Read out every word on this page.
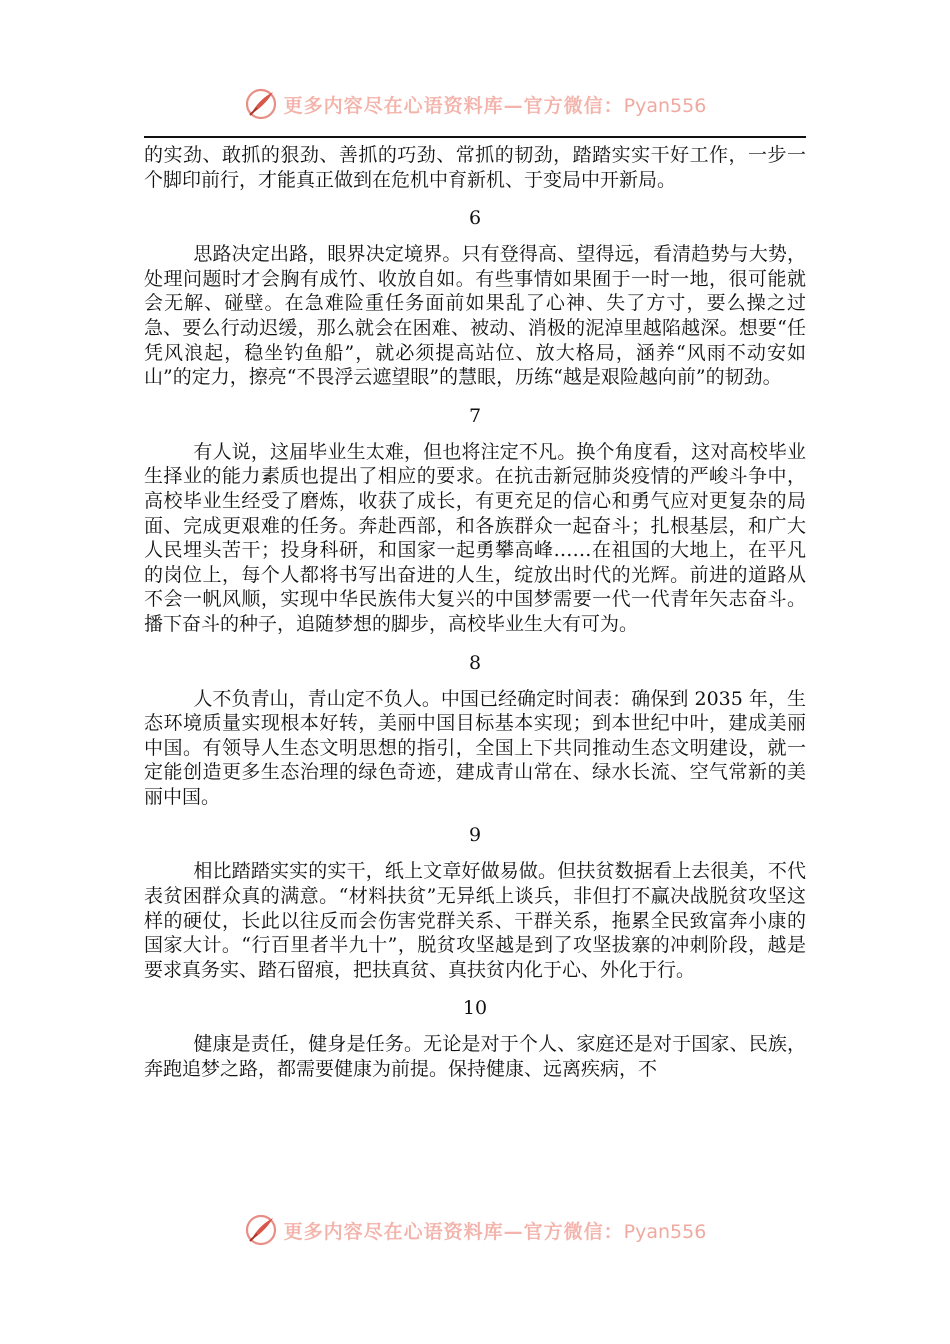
更多内容尽在心语资料库—官方微信：Pyan556

的实劲、敢抓的狠劲、善抓的巧劲、常抓的韧劲，踏踏实实干好工作，一步一个脚印前行，才能真正做到在危机中育新机、于变局中开新局。

6

思路决定出路，眼界决定境界。只有登得高、望得远，看清趋势与大势，处理问题时才会胸有成竹、收放自如。有些事情如果囿于一时一地，很可能就会无解、碰壁。在急难险重任务面前如果乱了心神、失了方寸，要么操之过急、要么行动迟缓，那么就会在困难、被动、消极的泥淖里越陷越深。想要“任凭风浪起，稳坐钓鱼船”，就必须提高站位、放大格局，涵养“风雨不动安如山”的定力，擦亮“不畏浮云遮望眼”的慧眼，历练“越是艰险越向前”的韧劲。

7

有人说，这届毕业生太难，但也将注定不凡。换个角度看，这对高校毕业生择业的能力素质也提出了相应的要求。在抗击新冠肺炎疫情的严峻斗争中，高校毕业生经受了磨炼，收获了成长，有更充足的信心和勇气应对更复杂的局面、完成更艰难的任务。奔赴西部，和各族群众一起奋斗；扎根基层，和广大人民埋头苦干；投身科研，和国家一起勇攀高峰……在祖国的大地上，在平凡的岗位上，每个人都将书写出奋进的人生，绽放出时代的光辉。前进的道路从不会一帆风顺，实现中华民族伟大复兴的中国梦需要一代一代青年矢志奋斗。播下奋斗的种子，追随梦想的脚步，高校毕业生大有可为。

8

人不负青山，青山定不负人。中国已经确定时间表：确保到 2035 年，生态环境质量实现根本好转，美丽中国目标基本实现；到本世纪中叶，建成美丽中国。有领导人生态文明思想的指引，全国上下共同推动生态文明建设，就一定能创造更多生态治理的绿色奇迹，建成青山常在、绿水长流、空气常新的美丽中国。

9

相比踏踏实实的实干，纸上文章好做易做。但扶贫数据看上去很美，不代表贫困群众真的满意。“材料扶贫”无异纸上谈兵，非但打不赢决战脱贫攻坚这样的硬仗，长此以往反而会伤害党群关系、干群关系，拖累全民致富奔小康的国家大计。“行百里者半九十”，脱贫攻坚越是到了攻坚拔寨的冲刺阶段，越是要求真务实、踏石留痕，把扶真贫、真扶贫内化于心、外化于行。

10

健康是责任，健身是任务。无论是对于个人、家庭还是对于国家、民族，奔跑追梦之路，都需要健康为前提。保持健康、远离疾病，不

更多内容尽在心语资料库—官方微信：Pyan556
